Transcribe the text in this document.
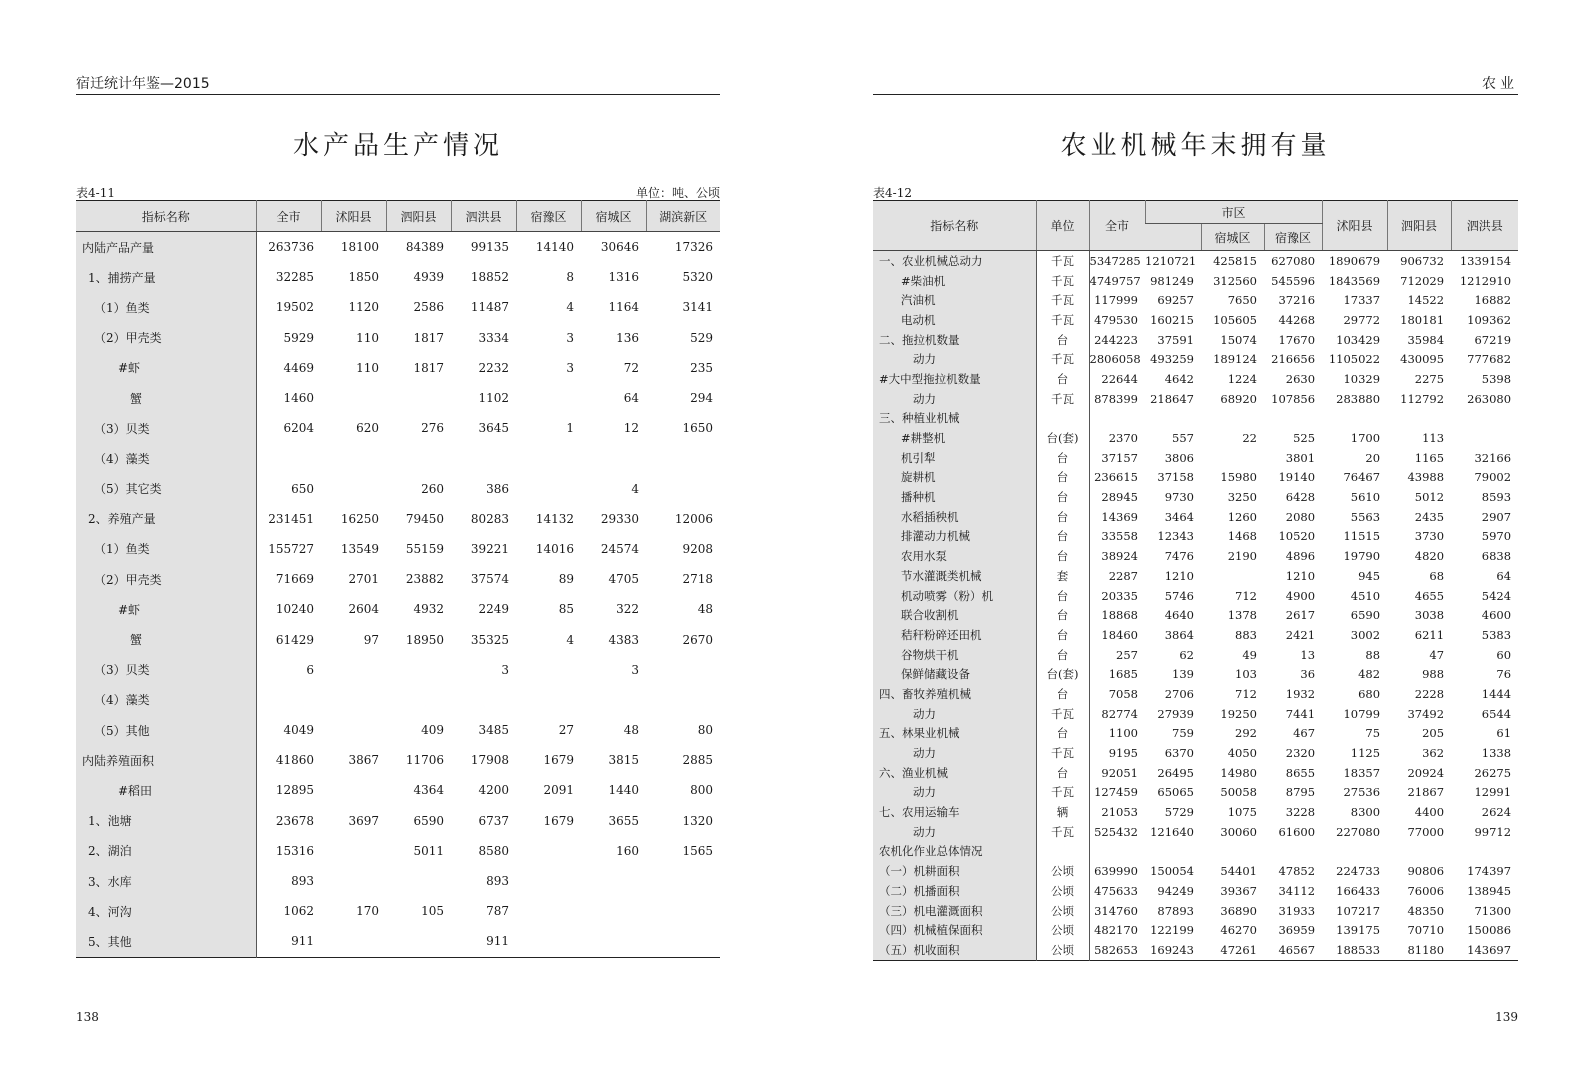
宿迁统计年鉴—2015
水产品生产情况
表4-11	单位：吨、公顷
指标名称	全市	沭阳县	泗阳县	泗洪县	宿豫区	宿城区	湖滨新区
内陆产品产量	263736	18100	84389	99135	14140	30646	17326
1、捕捞产量	32285	1850	4939	18852	8	1316	5320
（1）鱼类	19502	1120	2586	11487	4	1164	3141
（2）甲壳类	5929	110	1817	3334	3	136	529
#虾	4469	110	1817	2232	3	72	235
蟹	1460			1102		64	294
（3）贝类	6204	620	276	3645	1	12	1650
（4）藻类							
（5）其它类	650		260	386		4	
2、养殖产量	231451	16250	79450	80283	14132	29330	12006
（1）鱼类	155727	13549	55159	39221	14016	24574	9208
（2）甲壳类	71669	2701	23882	37574	89	4705	2718
#虾	10240	2604	4932	2249	85	322	48
蟹	61429	97	18950	35325	4	4383	2670
（3）贝类	6			3		3	
（4）藻类							
（5）其他	4049		409	3485	27	48	80
内陆养殖面积	41860	3867	11706	17908	1679	3815	2885
#稻田	12895		4364	4200	2091	1440	800
1、池塘	23678	3697	6590	6737	1679	3655	1320
2、湖泊	15316		5011	8580		160	1565
3、水库	893			893			
4、河沟	1062	170	105	787			
5、其他	911			911			
138
农业
农业机械年末拥有量
表4-12
指标名称	单位	全市	市区			沭阳县	泗阳县	泗洪县
				宿城区	宿豫区			
一、农业机械总动力	千瓦	5347285	1210721	425815	627080	1890679	906732	1339154
#柴油机	千瓦	4749757	981249	312560	545596	1843569	712029	1212910
汽油机	千瓦	117999	69257	7650	37216	17337	14522	16882
电动机	千瓦	479530	160215	105605	44268	29772	180181	109362
二、拖拉机数量	台	244223	37591	15074	17670	103429	35984	67219
动力	千瓦	2806058	493259	189124	216656	1105022	430095	777682
#大中型拖拉机数量	台	22644	4642	1224	2630	10329	2275	5398
动力	千瓦	878399	218647	68920	107856	283880	112792	263080
三、种植业机械								
#耕整机	台(套)	2370	557	22	525	1700	113	
机引犁	台	37157	3806		3801	20	1165	32166
旋耕机	台	236615	37158	15980	19140	76467	43988	79002
播种机	台	28945	9730	3250	6428	5610	5012	8593
水稻插秧机	台	14369	3464	1260	2080	5563	2435	2907
排灌动力机械	台	33558	12343	1468	10520	11515	3730	5970
农用水泵	台	38924	7476	2190	4896	19790	4820	6838
节水灌溉类机械	套	2287	1210		1210	945	68	64
机动喷雾（粉）机	台	20335	5746	712	4900	4510	4655	5424
联合收割机	台	18868	4640	1378	2617	6590	3038	4600
秸秆粉碎还田机	台	18460	3864	883	2421	3002	6211	5383
谷物烘干机	台	257	62	49	13	88	47	60
保鲜储藏设备	台(套)	1685	139	103	36	482	988	76
四、畜牧养殖机械	台	7058	2706	712	1932	680	2228	1444
动力	千瓦	82774	27939	19250	7441	10799	37492	6544
五、林果业机械	台	1100	759	292	467	75	205	61
动力	千瓦	9195	6370	4050	2320	1125	362	1338
六、渔业机械	台	92051	26495	14980	8655	18357	20924	26275
动力	千瓦	127459	65065	50058	8795	27536	21867	12991
七、农用运输车	辆	21053	5729	1075	3228	8300	4400	2624
动力	千瓦	525432	121640	30060	61600	227080	77000	99712
农机化作业总体情况								
（一）机耕面积	公顷	639990	150054	54401	47852	224733	90806	174397
（二）机播面积	公顷	475633	94249	39367	34112	166433	76006	138945
（三）机电灌溉面积	公顷	314760	87893	36890	31933	107217	48350	71300
（四）机械植保面积	公顷	482170	122199	46270	36959	139175	70710	150086
（五）机收面积	公顷	582653	169243	47261	46567	188533	81180	143697
139
